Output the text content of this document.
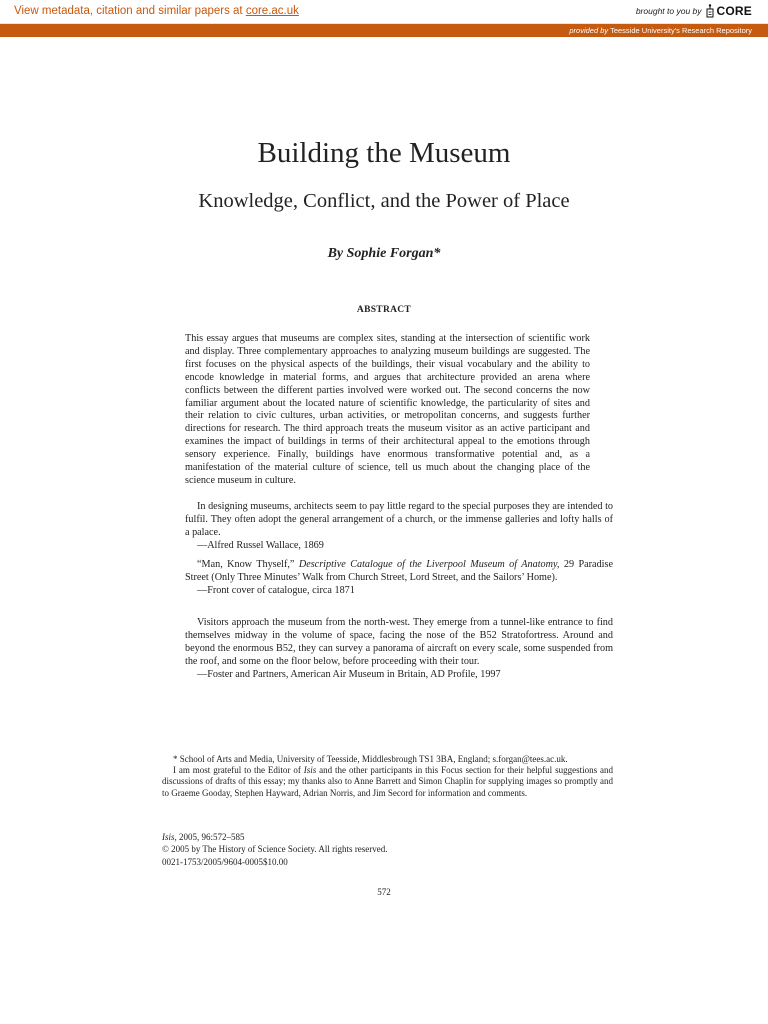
View metadata, citation and similar papers at core.ac.uk	brought to you by CORE
provided by Teesside University's Research Repository
Building the Museum
Knowledge, Conflict, and the Power of Place
By Sophie Forgan*
ABSTRACT

This essay argues that museums are complex sites, standing at the intersection of scientific work and display. Three complementary approaches to analyzing museum buildings are suggested. The first focuses on the physical aspects of the buildings, their visual vocabulary and the ability to encode knowledge in material forms, and argues that architecture provided an arena where conflicts between the different parties involved were worked out. The second concerns the now familiar argument about the located nature of scientific knowledge, the particularity of sites and their relation to civic cultures, urban activities, or metropolitan concerns, and suggests further directions for research. The third approach treats the museum visitor as an active participant and examines the impact of buildings in terms of their architectural appeal to the emotions through sensory experience. Finally, buildings have enormous transformative potential and, as a manifestation of the material culture of science, tell us much about the changing place of the science museum in culture.

In designing museums, architects seem to pay little regard to the special purposes they are intended to fulfil. They often adopt the general arrangement of a church, or the immense galleries and lofty halls of a palace.

—Alfred Russel Wallace, 1869

“Man, Know Thyself,” Descriptive Catalogue of the Liverpool Museum of Anatomy, 29 Paradise Street (Only Three Minutes’ Walk from Church Street, Lord Street, and the Sailors’ Home).

—Front cover of catalogue, circa 1871

Visitors approach the museum from the north-west. They emerge from a tunnel-like entrance to find themselves midway in the volume of space, facing the nose of the B52 Stratofortress. Around and beyond the enormous B52, they can survey a panorama of aircraft on every scale, some suspended from the roof, and some on the floor below, before proceeding with their tour.

—Foster and Partners, American Air Museum in Britain, AD Profile, 1997

* School of Arts and Media, University of Teesside, Middlesbrough TS1 3BA, England; s.forgan@tees.ac.uk.

I am most grateful to the Editor of Isis and the other participants in this Focus section for their helpful suggestions and discussions of drafts of this essay; my thanks also to Anne Barrett and Simon Chaplin for supplying images so promptly and to Graeme Gooday, Stephen Hayward, Adrian Norris, and Jim Secord for information and comments.

Isis, 2005, 96:572–585
© 2005 by The History of Science Society. All rights reserved.
0021-1753/2005/9604-0005$10.00
572
